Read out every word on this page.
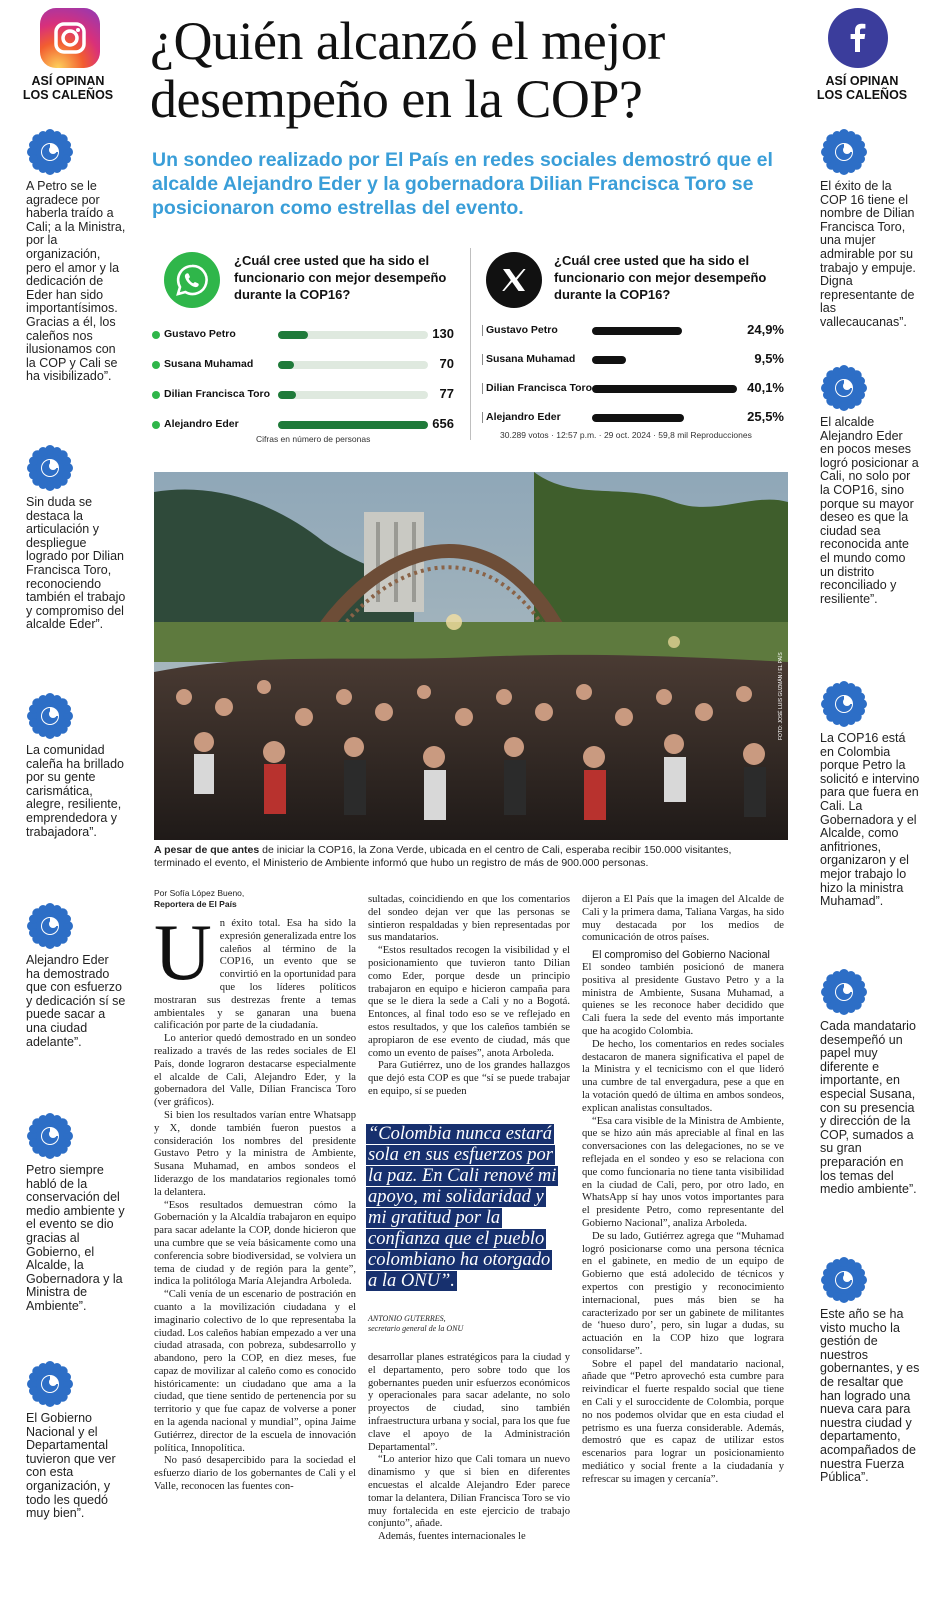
ASÍ OPINAN LOS CALEÑOS
A Petro se le agradece por haberla traído a Cali; a la Ministra, por la organización, pero el amor y la dedicación de Eder han sido importantísimos. Gracias a él, los caleños nos ilusionamos con la COP y Cali se ha visibilizado”.
Sin duda se destaca la articulación y despliegue logrado por Dilian Francisca Toro, reconociendo también el trabajo y compromiso del alcalde Eder”.
La comunidad caleña ha brillado por su gente carismática, alegre, resiliente, emprendedora y trabajadora”.
Alejandro Eder ha demostrado que con esfuerzo y dedicación sí se puede sacar a una ciudad adelante”.
Petro siempre habló de la conservación del medio ambiente y el evento se dio gracias al Gobierno, el Alcalde, la Gobernadora y la Ministra de Ambiente”.
El Gobierno Nacional y el Departamental tuvieron que ver con esta organización, y todo les quedó muy bien”.
ASÍ OPINAN LOS CALEÑOS
El éxito de la COP 16 tiene el nombre de Dilian Francisca Toro, una mujer admirable por su trabajo y empuje. Digna representante de las vallecaucanas”.
El alcalde Alejandro Eder en pocos meses logró posicionar a Cali, no solo por la COP16, sino porque su mayor deseo es que la ciudad sea reconocida ante el mundo como un distrito reconciliado y resiliente”.
La COP16 está en Colombia porque Petro la solicitó e intervino para que fuera en Cali. La Gobernadora y el Alcalde, como anfitriones, organizaron y el mejor trabajo lo hizo la ministra Muhamad”.
Cada mandatario desempeñó un papel muy diferente e importante, en especial Susana, con su presencia y dirección de la COP, sumados a su gran preparación en los temas del medio ambiente”.
Este año se ha visto mucho la gestión de nuestros gobernantes, y es de resaltar que han logrado una nueva cara para nuestra ciudad y departamento, acompañados de nuestra Fuerza Pública”.
¿Quién alcanzó el mejor desempeño en la COP?
Un sondeo realizado por El País en redes sociales demostró que el alcalde Alejandro Eder y la gobernadora Dilian Francisca Toro se posicionaron como estrellas del evento.
¿Cuál cree usted que ha sido el funcionario con mejor desempeño durante la COP16?
Gustavo Petro	130
Susana Muhamad	70
Dilian Francisca Toro	77
Alejandro Eder	656
Cifras en número de personas
¿Cuál cree usted que ha sido el funcionario con mejor desempeño durante la COP16?
Gustavo Petro	24,9%
Susana Muhamad	9,5%
Dilian Francisca Toro	40,1%
Alejandro Eder	25,5%
30.289 votos · 12:57 p.m. · 29 oct. 2024 · 59,8 mil Reproducciones
FOTO: JOSÉ LUIS GUZMÁN / EL PAÍS
A pesar de que antes de iniciar la COP16, la Zona Verde, ubicada en el centro de Cali, esperaba recibir 150.000 visitantes, terminado el evento, el Ministerio de Ambiente informó que hubo un registro de más de 900.000 personas.
Por Sofía López Bueno,
Reportera de El País
U n éxito total. Esa ha sido la expresión generalizada entre los caleños al término de la COP16, un evento que se convirtió en la oportunidad para que los líderes políticos mostraran sus destrezas frente a temas ambientales y se ganaran una buena calificación por parte de la ciudadanía.

Lo anterior quedó demostrado en un sondeo realizado a través de las redes sociales de El País, donde lograron destacarse especialmente el alcalde de Cali, Alejandro Eder, y la gobernadora del Valle, Dilian Francisca Toro (ver gráficos).

Si bien los resultados varían entre Whatsapp y X, donde también fueron puestos a consideración los nombres del presidente Gustavo Petro y la ministra de Ambiente, Susana Muhamad, en ambos sondeos el liderazgo de los mandatarios regionales tomó la delantera.

“Esos resultados demuestran cómo la Gobernación y la Alcaldía trabajaron en equipo para sacar adelante la COP, donde hicieron que una cumbre que se veía básicamente como una conferencia sobre biodiversidad, se volviera un tema de ciudad y de región para la gente”, indica la politóloga María Alejandra Arboleda.

“Cali venía de un escenario de postración en cuanto a la movilización ciudadana y el imaginario colectivo de lo que representaba la ciudad. Los caleños habían empezado a ver una ciudad atrasada, con pobreza, subdesarrollo y abandono, pero la COP, en diez meses, fue capaz de movilizar al caleño como es conocido históricamente: un ciudadano que ama a la ciudad, que tiene sentido de pertenencia por su territorio y que fue capaz de volverse a poner en la agenda nacional y mundial”, opina Jaime Gutiérrez, director de la escuela de innovación política, Innopolítica.

No pasó desapercibido para la sociedad el esfuerzo diario de los gobernantes de Cali y el Valle, reconocen las fuentes con-

sultadas, coincidiendo en que los comentarios del sondeo dejan ver que las personas se sintieron respaldadas y bien representadas por sus mandatarios.

“Estos resultados recogen la visibilidad y el posicionamiento que tuvieron tanto Dilian como Eder, porque desde un principio trabajaron en equipo e hicieron campaña para que se le diera la sede a Cali y no a Bogotá. Entonces, al final todo eso se ve reflejado en estos resultados, y que los caleños también se apropiaron de ese evento de ciudad, más que como un evento de países”, anota Arboleda.

Para Gutiérrez, uno de los grandes hallazgos que dejó esta COP es que “sí se puede trabajar en equipo, sí se pueden

“Colombia nunca estará sola en sus esfuerzos por la paz. En Cali renové mi apoyo, mi solidaridad y mi gratitud por la confianza que el pueblo colombiano ha otorgado a la ONU”.
ANTONIO GUTERRES,
secretario general de la ONU

desarrollar planes estratégicos para la ciudad y el departamento, pero sobre todo que los gobernantes pueden unir esfuerzos económicos y operacionales para sacar adelante, no solo proyectos de ciudad, sino también infraestructura urbana y social, para los que fue clave el apoyo de la Administración Departamental”.

“Lo anterior hizo que Cali tomara un nuevo dinamismo y que si bien en diferentes encuestas el alcalde Alejandro Eder parece tomar la delantera, Dilian Francisca Toro se vio muy fortalecida en este ejercicio de trabajo conjunto”, añade.

Además, fuentes internacionales le

dijeron a El País que la imagen del Alcalde de Cali y la primera dama, Taliana Vargas, ha sido muy destacada por los medios de comunicación de otros países.

El compromiso del Gobierno Nacional

El sondeo también posicionó de manera positiva al presidente Gustavo Petro y a la ministra de Ambiente, Susana Muhamad, a quienes se les reconoce haber decidido que Cali fuera la sede del evento más importante que ha acogido Colombia.

De hecho, los comentarios en redes sociales destacaron de manera significativa el papel de la Ministra y el tecnicismo con el que lideró una cumbre de tal envergadura, pese a que en la votación quedó de última en ambos sondeos, explican analistas consultados.

“Esa cara visible de la Ministra de Ambiente, que se hizo aún más apreciable al final en las conversaciones con las delegaciones, no se ve reflejada en el sondeo y eso se relaciona con que como funcionaria no tiene tanta visibilidad en la ciudad de Cali, pero, por otro lado, en WhatsApp sí hay unos votos importantes para el presidente Petro, como representante del Gobierno Nacional”, analiza Arboleda.

De su lado, Gutiérrez agrega que “Muhamad logró posicionarse como una persona técnica en el gabinete, en medio de un equipo de Gobierno que está adolecido de técnicos y expertos con prestigio y reconocimiento internacional, pues más bien se ha caracterizado por ser un gabinete de militantes de ‘hueso duro’, pero, sin lugar a dudas, su actuación en la COP hizo que lograra consolidarse”.

Sobre el papel del mandatario nacional, añade que “Petro aprovechó esta cumbre para reivindicar el fuerte respaldo social que tiene en Cali y el suroccidente de Colombia, porque no nos podemos olvidar que en esta ciudad el petrismo es una fuerza considerable. Además, demostró que es capaz de utilizar estos escenarios para lograr un posicionamiento mediático y social frente a la ciudadanía y refrescar su imagen y cercanía”.
